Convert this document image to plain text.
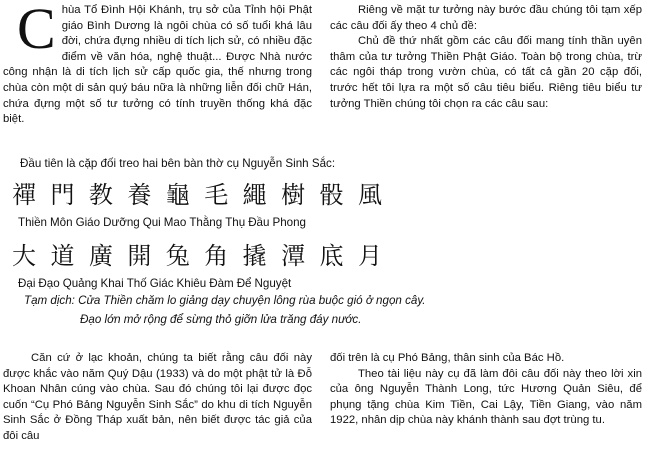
C hùa Tổ Đình Hội Khánh, trụ sở của Tỉnh hội Phật giáo Bình Dương là ngôi chùa có số tuổi khá lâu đời, chứa đựng nhiều di tích lịch sử, có nhiều đặc điểm về văn hóa, nghệ thuật... Được Nhà nước công nhận là di tích lịch sử cấp quốc gia, thế nhưng trong chùa còn một di sản quý báu nữa là những liễn đối chữ Hán, chứa đựng một số tư tưởng có tính truyền thống khá đặc biệt.

Riêng về mặt tư tưởng này bước đầu chúng tôi tạm xếp các câu đối ấy theo 4 chủ đề:

Chủ đề thứ nhất gồm các câu đối mang tính thần uyên thâm của tư tưởng Thiền Phật Giáo. Toàn bộ trong chùa, trừ các ngôi tháp trong vườn chùa, có tất cả gần 20 cặp đối, trước hết tôi lựa ra một số câu tiêu biểu. Riêng tiêu biểu tư tưởng Thiền chúng tôi chọn ra các câu sau:

Đầu tiên là cặp đối treo hai bên bàn thờ cụ Nguyễn Sinh Sắc:
禪 門 教 養 龜 毛 繩 樹 骰 風
Thiền Môn Giáo Dưỡng Qui Mao Thằng Thụ Đầu Phong
大 道 廣 開 兔 角 撬 潭 底 月
Đại Đạo Quảng Khai Thố Giác Khiêu Đàm Để Nguyệt
Tạm dịch: Cửa Thiền chăm lo giảng dạy chuyện lông rùa buộc gió ở ngọn cây.
Đạo lớn mở rộng để sừng thỏ giỡn lửa trăng đáy nước.

Căn cứ ở lạc khoản, chúng ta biết rằng câu đối này được khắc vào năm Quý Dậu (1933) và do một phật tử là Đỗ Khoan Nhân cúng vào chùa. Sau đó chúng tôi lại được đọc cuốn “Cụ Phó Bảng Nguyễn Sinh Sắc” do khu di tích Nguyễn Sinh Sắc ở Đồng Tháp xuất bản, nên biết được tác giả của đôi câu

đối trên là cụ Phó Bảng, thân sinh của Bác Hồ.

Theo tài liệu này cụ đã làm đôi câu đối này theo lời xin của ông Nguyễn Thành Long, tức Hương Quản Siêu, để phụng tặng chùa Kim Tiền, Cai Lậy, Tiền Giang, vào năm 1922, nhân dịp chùa này khánh thành sau đợt trùng tu.
